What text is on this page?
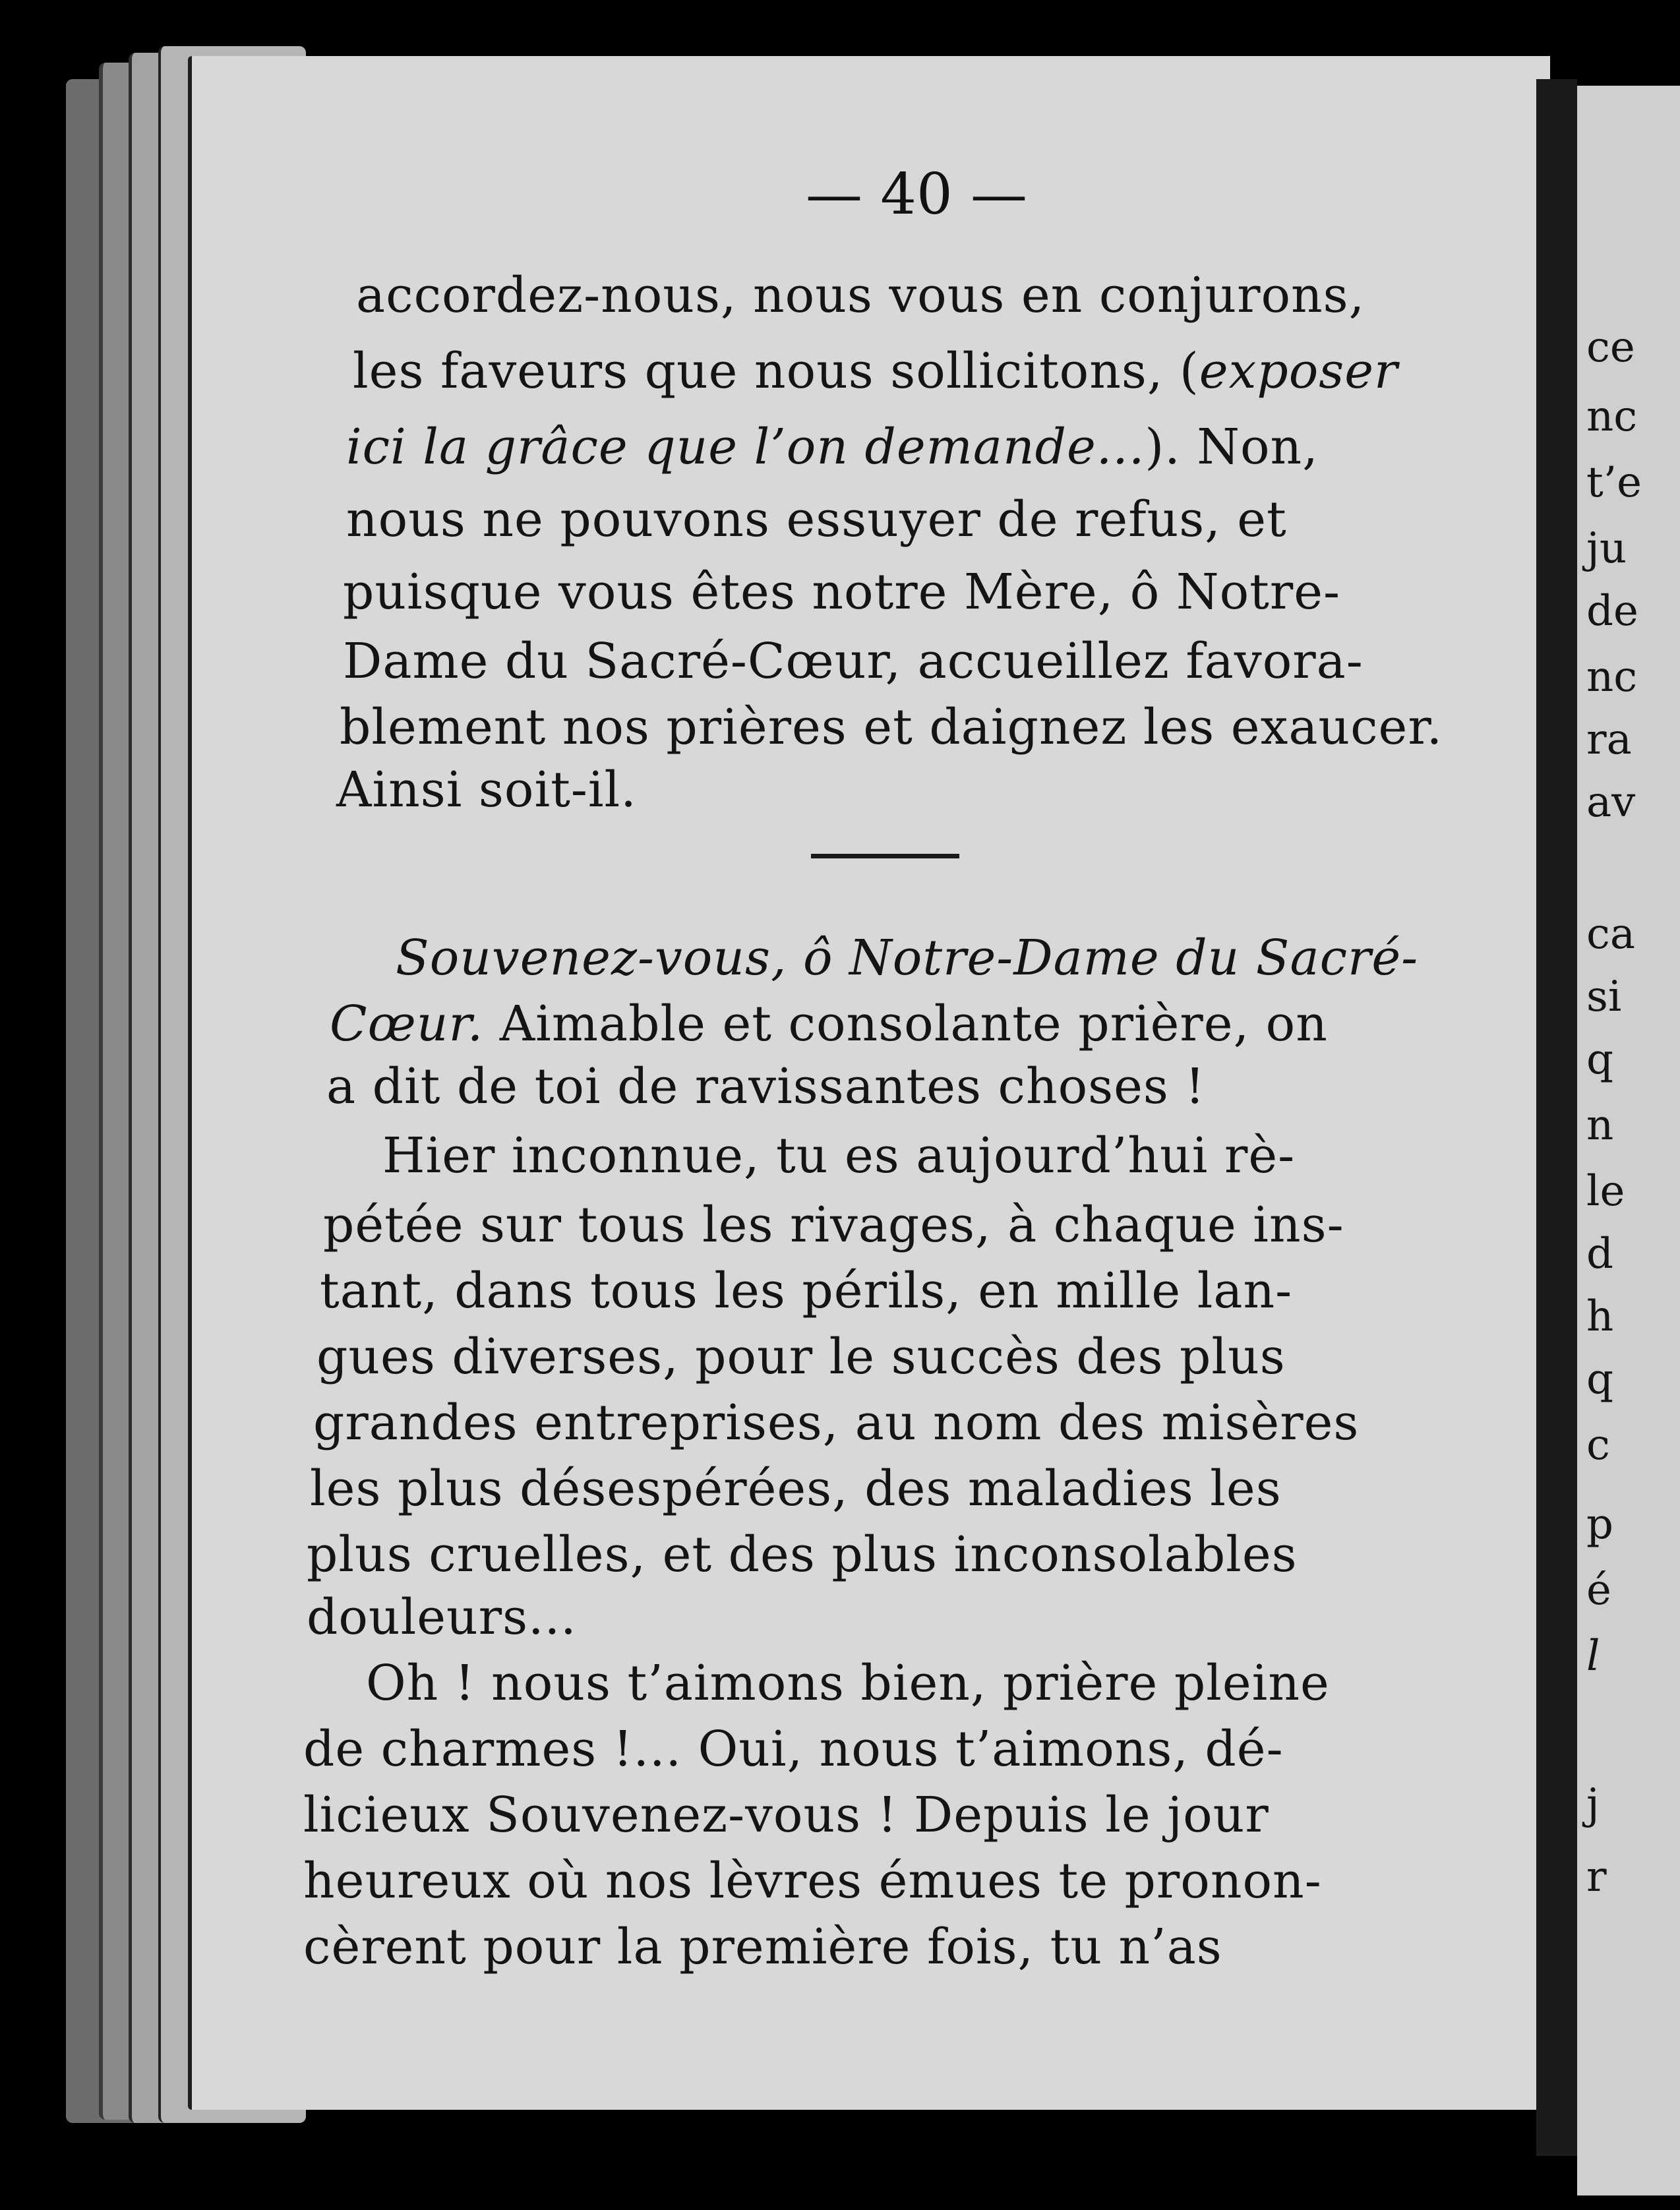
— 40 —
accordez-nous, nous vous en conjurons,
les faveurs que nous sollicitons, (exposer
ici la grâce que l’on demande...). Non,
nous ne pouvons essuyer de refus, et
puisque vous êtes notre Mère, ô Notre-
Dame du Sacré-Cœur, accueillez favora-
blement nos prières et daignez les exaucer.
Ainsi soit-il.
Souvenez-vous, ô Notre-Dame du Sacré-
Cœur. Aimable et consolante prière, on
a dit de toi de ravissantes choses !
Hier inconnue, tu es aujourd’hui rè-
pétée sur tous les rivages, à chaque ins-
tant, dans tous les périls, en mille lan-
gues diverses, pour le succès des plus
grandes entreprises, au nom des misères
les plus désespérées, des maladies les
plus cruelles, et des plus inconsolables
douleurs...
Oh ! nous t’aimons bien, prière pleine
de charmes !... Oui, nous t’aimons, dé-
licieux Souvenez-vous ! Depuis le jour
heureux où nos lèvres émues te pronon-
cèrent pour la première fois, tu n’as
ce
nc
t’e
ju
de
nc
ra
av
ca
si
q
n
le
d
h
q
c
p
é
l
j
r
